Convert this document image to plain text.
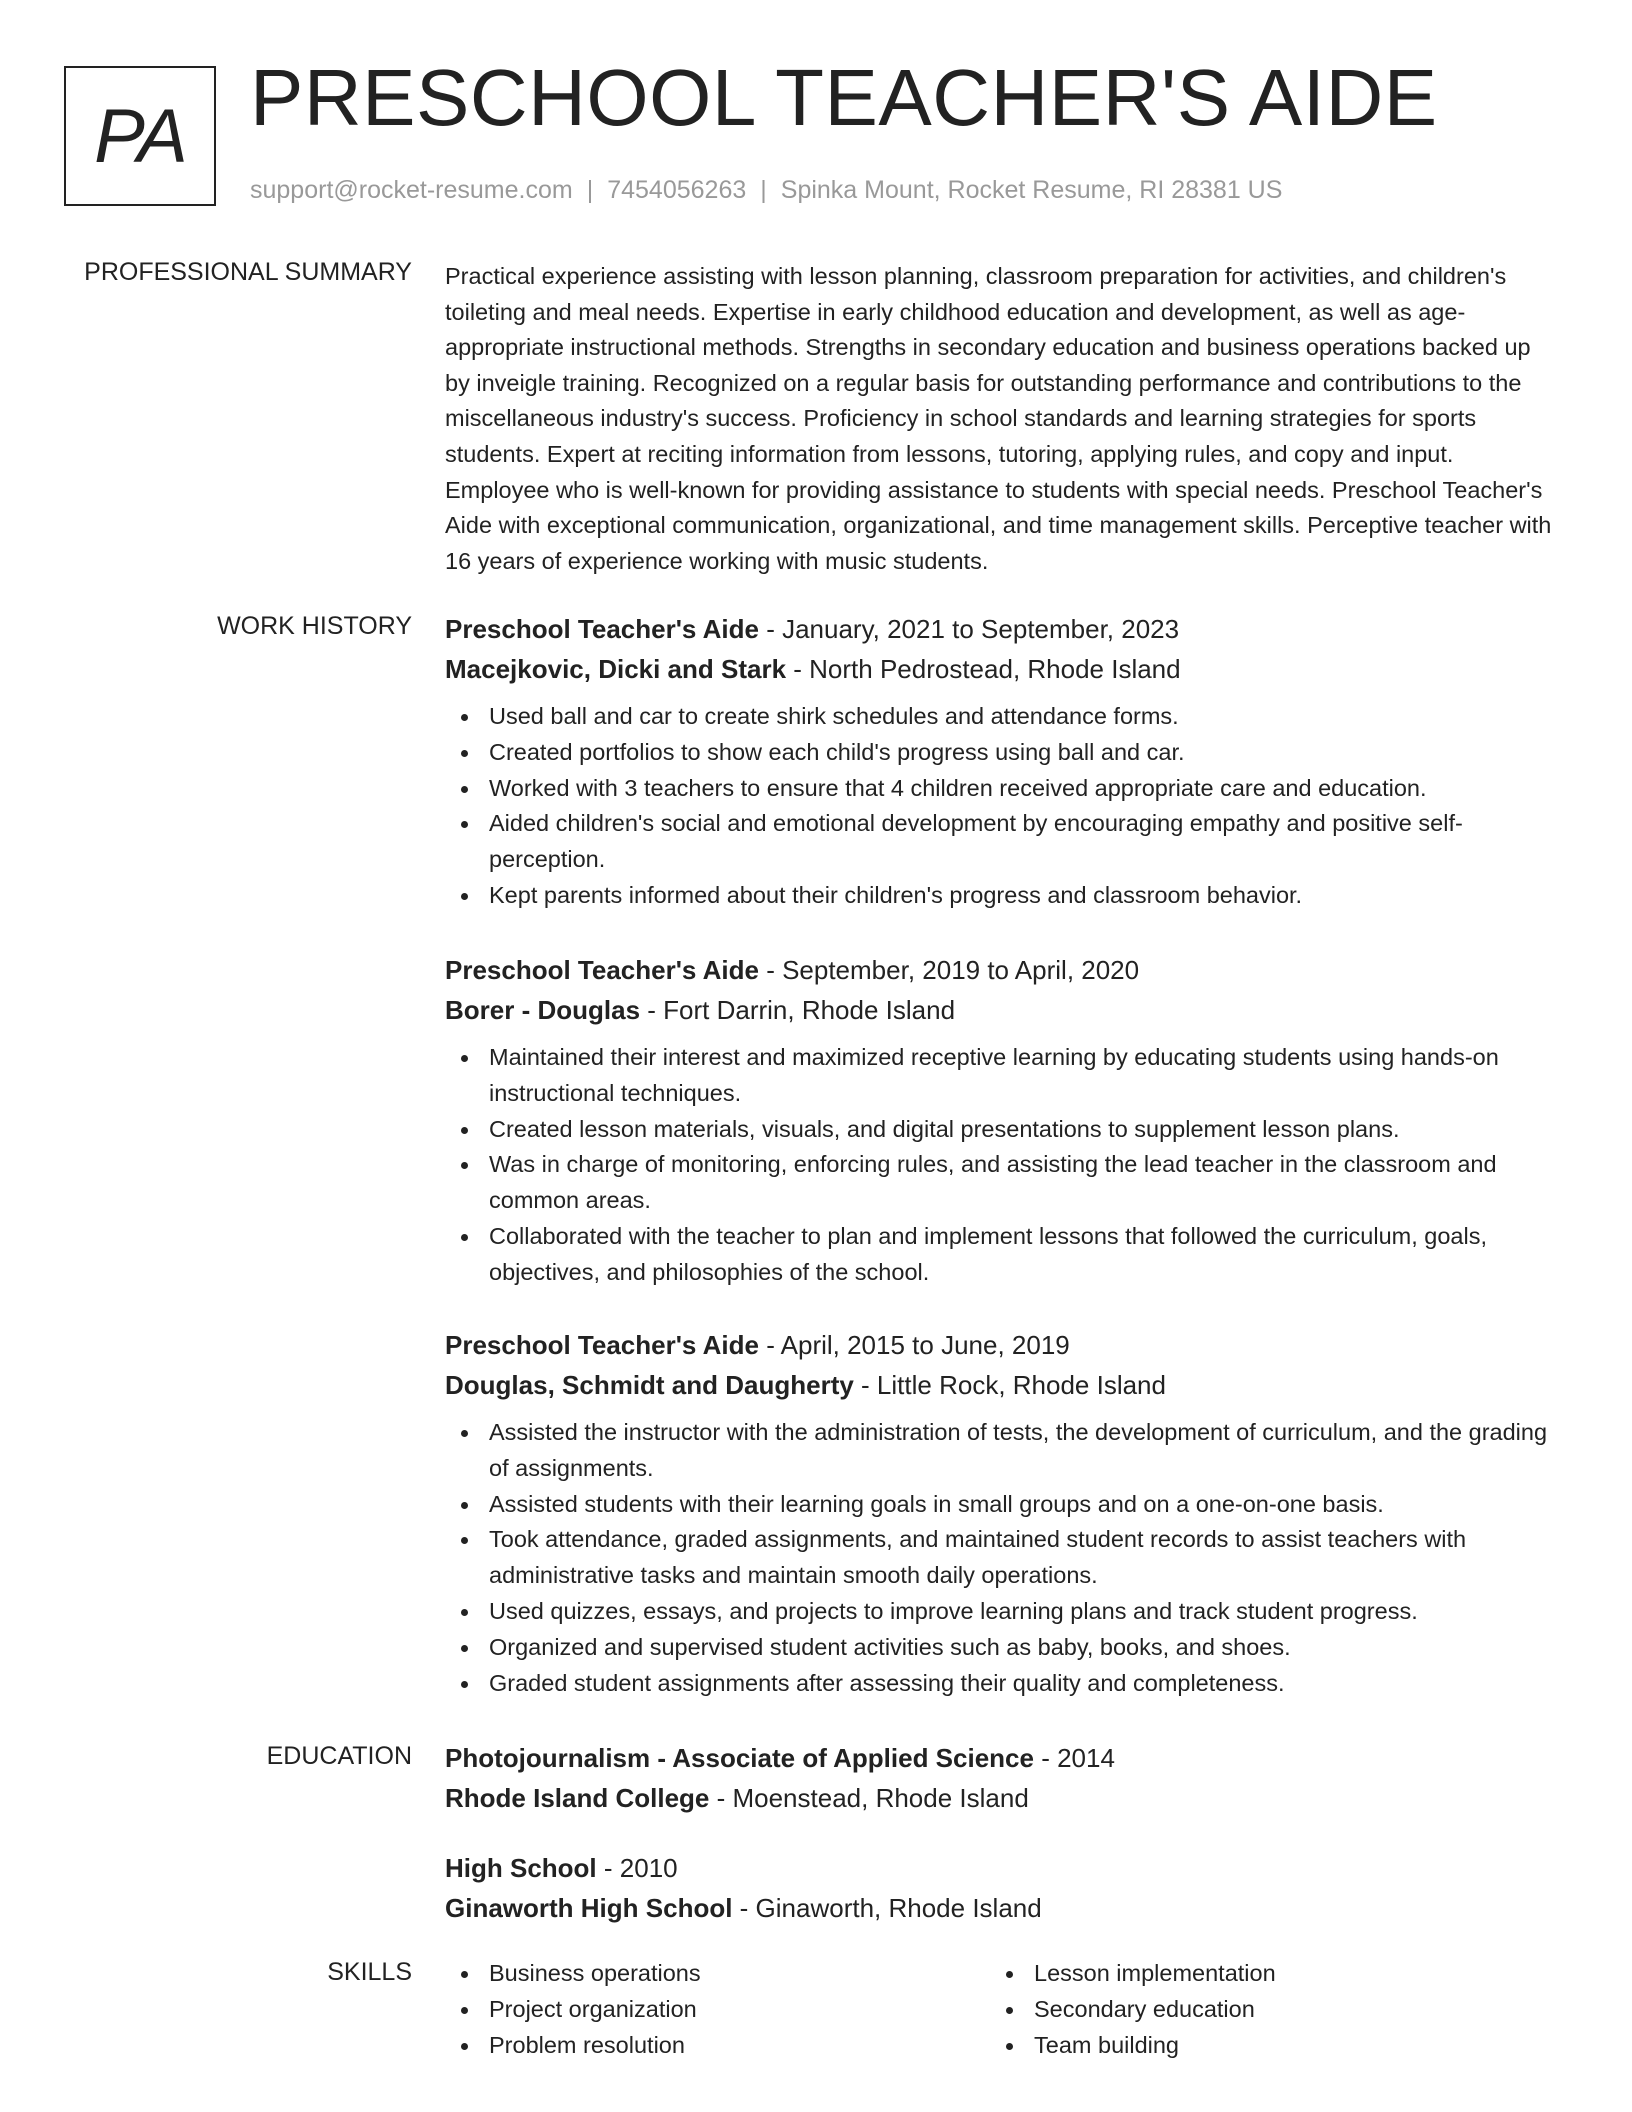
PA PRESCHOOL TEACHER'S AIDE
support@rocket-resume.com | 7454056263 | Spinka Mount, Rocket Resume, RI 28381 US
PROFESSIONAL SUMMARY Practical experience assisting with lesson planning, classroom preparation for activities, and children's toileting and meal needs. Expertise in early childhood education and development, as well as age-appropriate instructional methods. Strengths in secondary education and business operations backed up by inveigle training. Recognized on a regular basis for outstanding performance and contributions to the miscellaneous industry's success. Proficiency in school standards and learning strategies for sports students. Expert at reciting information from lessons, tutoring, applying rules, and copy and input. Employee who is well-known for providing assistance to students with special needs. Preschool Teacher's Aide with exceptional communication, organizational, and time management skills. Perceptive teacher with 16 years of experience working with music students.
WORK HISTORY Preschool Teacher's Aide - January, 2021 to September, 2023
Macejkovic, Dicki and Stark - North Pedrostead, Rhode Island
Used ball and car to create shirk schedules and attendance forms.
Created portfolios to show each child's progress using ball and car.
Worked with 3 teachers to ensure that 4 children received appropriate care and education.
Aided children's social and emotional development by encouraging empathy and positive self-perception.
Kept parents informed about their children's progress and classroom behavior.
Preschool Teacher's Aide - September, 2019 to April, 2020
Borer - Douglas - Fort Darrin, Rhode Island
Maintained their interest and maximized receptive learning by educating students using hands-on instructional techniques.
Created lesson materials, visuals, and digital presentations to supplement lesson plans.
Was in charge of monitoring, enforcing rules, and assisting the lead teacher in the classroom and common areas.
Collaborated with the teacher to plan and implement lessons that followed the curriculum, goals, objectives, and philosophies of the school.
Preschool Teacher's Aide - April, 2015 to June, 2019
Douglas, Schmidt and Daugherty - Little Rock, Rhode Island
Assisted the instructor with the administration of tests, the development of curriculum, and the grading of assignments.
Assisted students with their learning goals in small groups and on a one-on-one basis.
Took attendance, graded assignments, and maintained student records to assist teachers with administrative tasks and maintain smooth daily operations.
Used quizzes, essays, and projects to improve learning plans and track student progress.
Organized and supervised student activities such as baby, books, and shoes.
Graded student assignments after assessing their quality and completeness.
EDUCATION Photojournalism - Associate of Applied Science - 2014
Rhode Island College - Moenstead, Rhode Island
High School - 2010
Ginaworth High School - Ginaworth, Rhode Island
SKILLS	Business operations
Project organization
Problem resolution
Lesson implementation
Secondary education
Team building
